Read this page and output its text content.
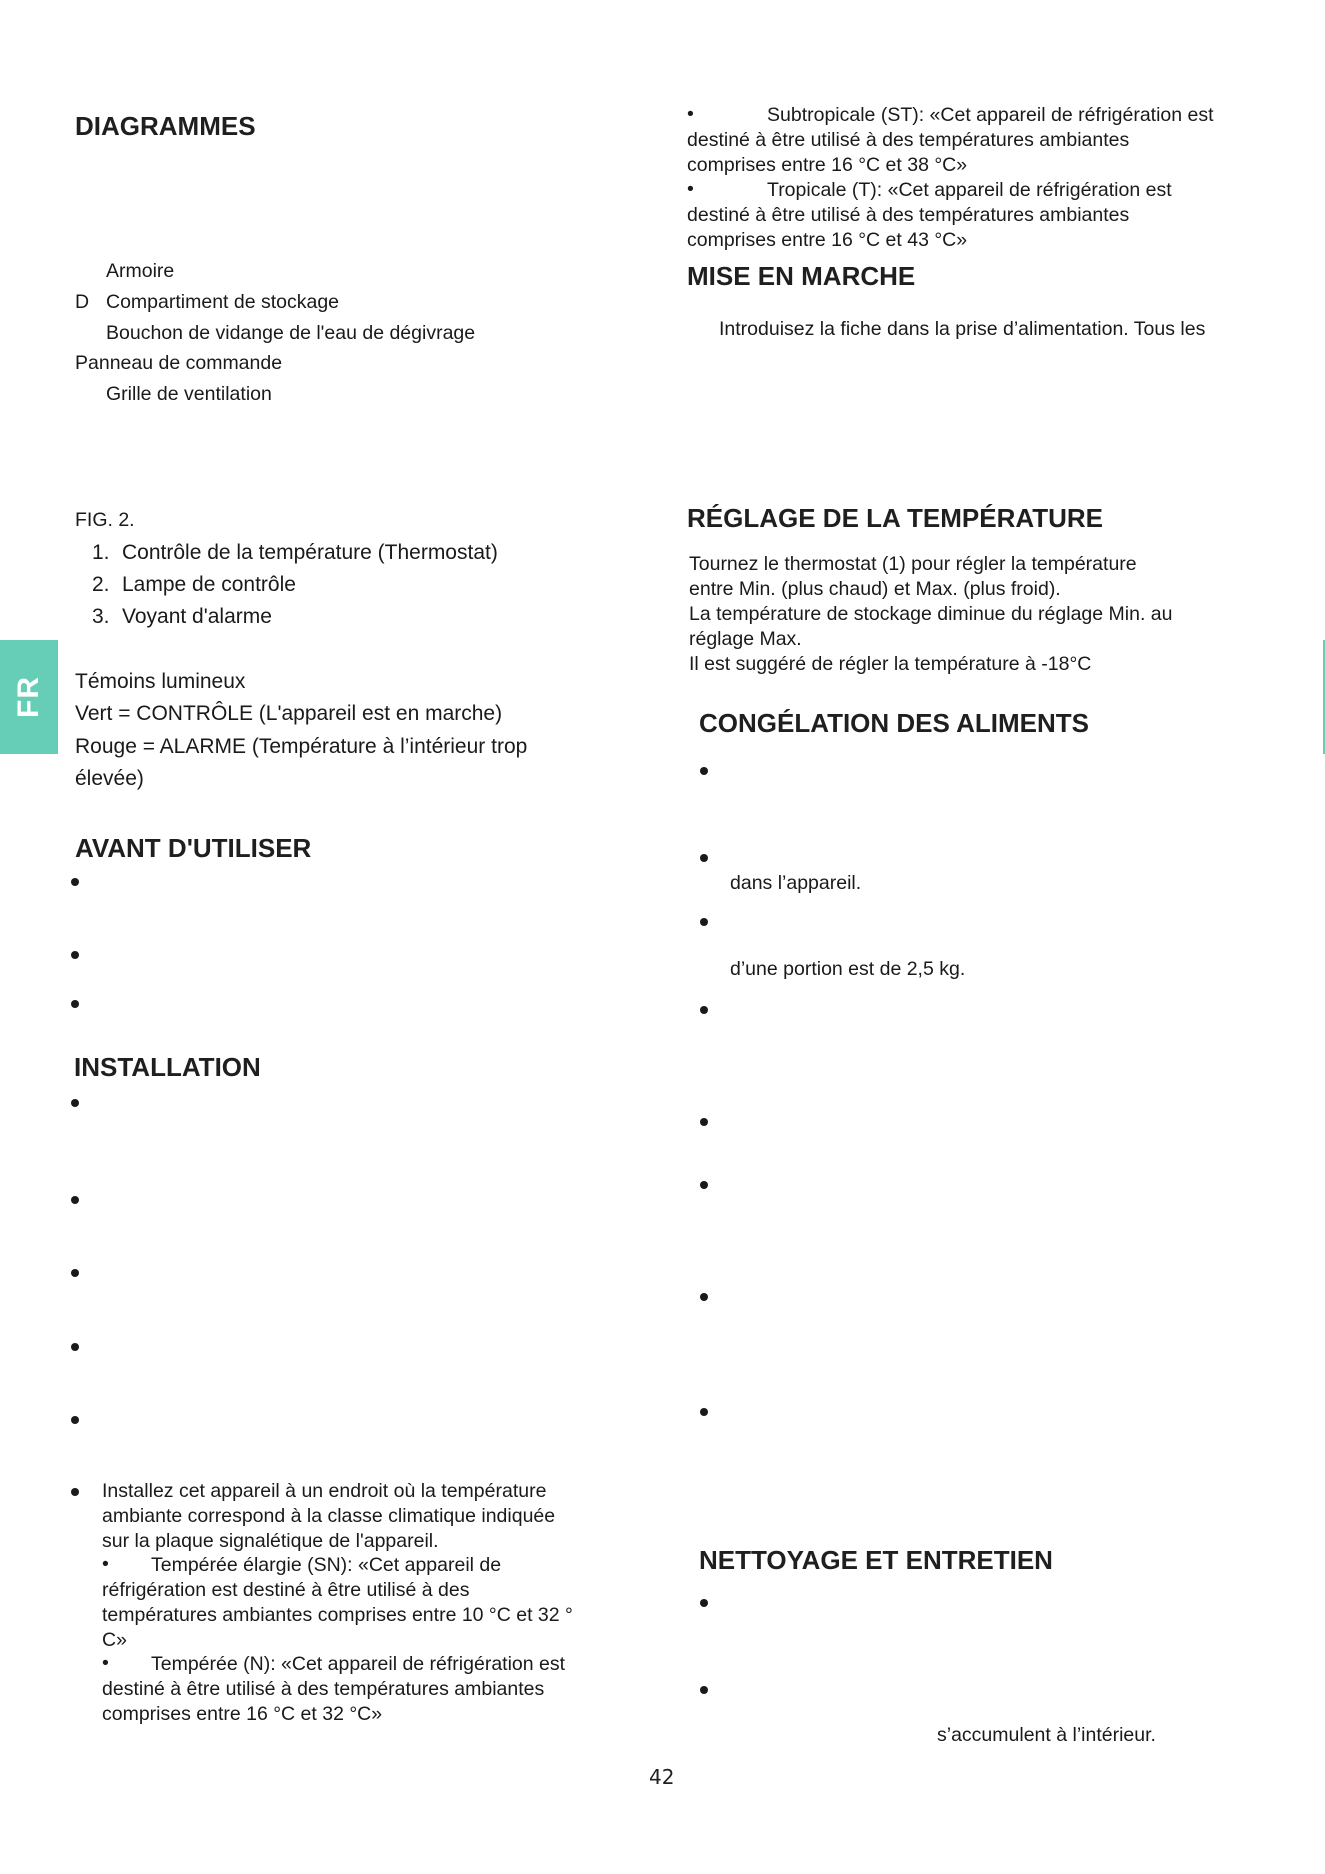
FR
DIAGRAMMES
Armoire
D Compartiment de stockage
Bouchon de vidange de l'eau de dégivrage
Panneau de commande
Grille de ventilation
FIG. 2.
1. Contrôle de la température (Thermostat)
2. Lampe de contrôle
3. Voyant d'alarme
Témoins lumineux
Vert = CONTRÔLE (L'appareil est en marche)
Rouge = ALARME (Température à l’intérieur trop
élevée)
AVANT D'UTILISER
INSTALLATION
Installez cet appareil à un endroit où la température
ambiante correspond à la classe climatique indiquée
sur la plaque signalétique de l'appareil.
•	Tempérée élargie (SN): «Cet appareil de
réfrigération est destiné à être utilisé à des
températures ambiantes comprises entre 10 °C et 32 °
C»
•	Tempérée (N): «Cet appareil de réfrigération est
destiné à être utilisé à des températures ambiantes
comprises entre 16 °C et 32 °C»
•	Subtropicale (ST): «Cet appareil de réfrigération est
destiné à être utilisé à des températures ambiantes
comprises entre 16 °C et 38 °C»
•	Tropicale (T): «Cet appareil de réfrigération est
destiné à être utilisé à des températures ambiantes
comprises entre 16 °C et 43 °C»
MISE EN MARCHE
Introduisez la fiche dans la prise d’alimentation. Tous les
RÉGLAGE DE LA TEMPÉRATURE
Tournez le thermostat (1) pour régler la température
entre Min. (plus chaud) et Max. (plus froid).
La température de stockage diminue du réglage Min. au
réglage Max.
Il est suggéré de régler la température à -18°C
CONGÉLATION DES ALIMENTS
dans l’appareil.
d’une portion est de 2,5 kg.
NETTOYAGE ET ENTRETIEN
s’accumulent à l’intérieur.
42
